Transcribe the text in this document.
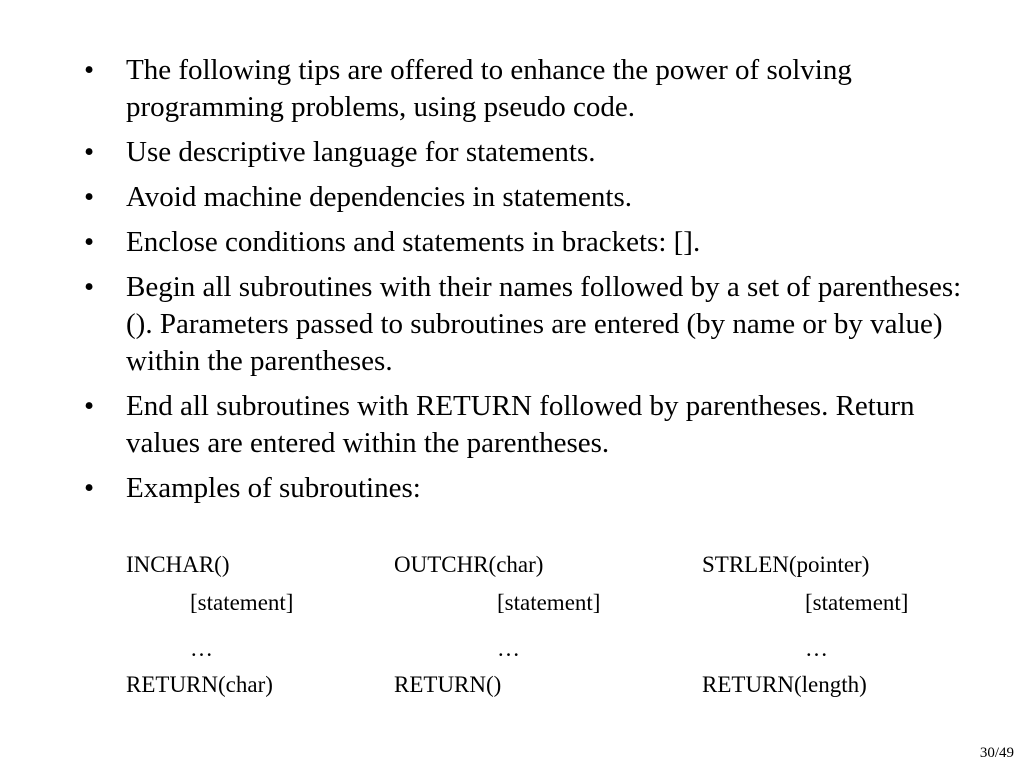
• The following tips are offered to enhance the power of solving programming problems, using pseudo code.
• Use descriptive language for statements.
• Avoid machine dependencies in statements.
• Enclose conditions and statements in brackets: [].
• Begin all subroutines with their names followed by a set of parentheses: (). Parameters passed to subroutines are entered (by name or by value) within the parentheses.
• End all subroutines with RETURN followed by parentheses. Return values are entered within the parentheses.
• Examples of subroutines:
INCHAR()
[statement]
…
RETURN(char)
OUTCHR(char)
[statement]
…
RETURN()
STRLEN(pointer)
[statement]
…
RETURN(length)
30/49
